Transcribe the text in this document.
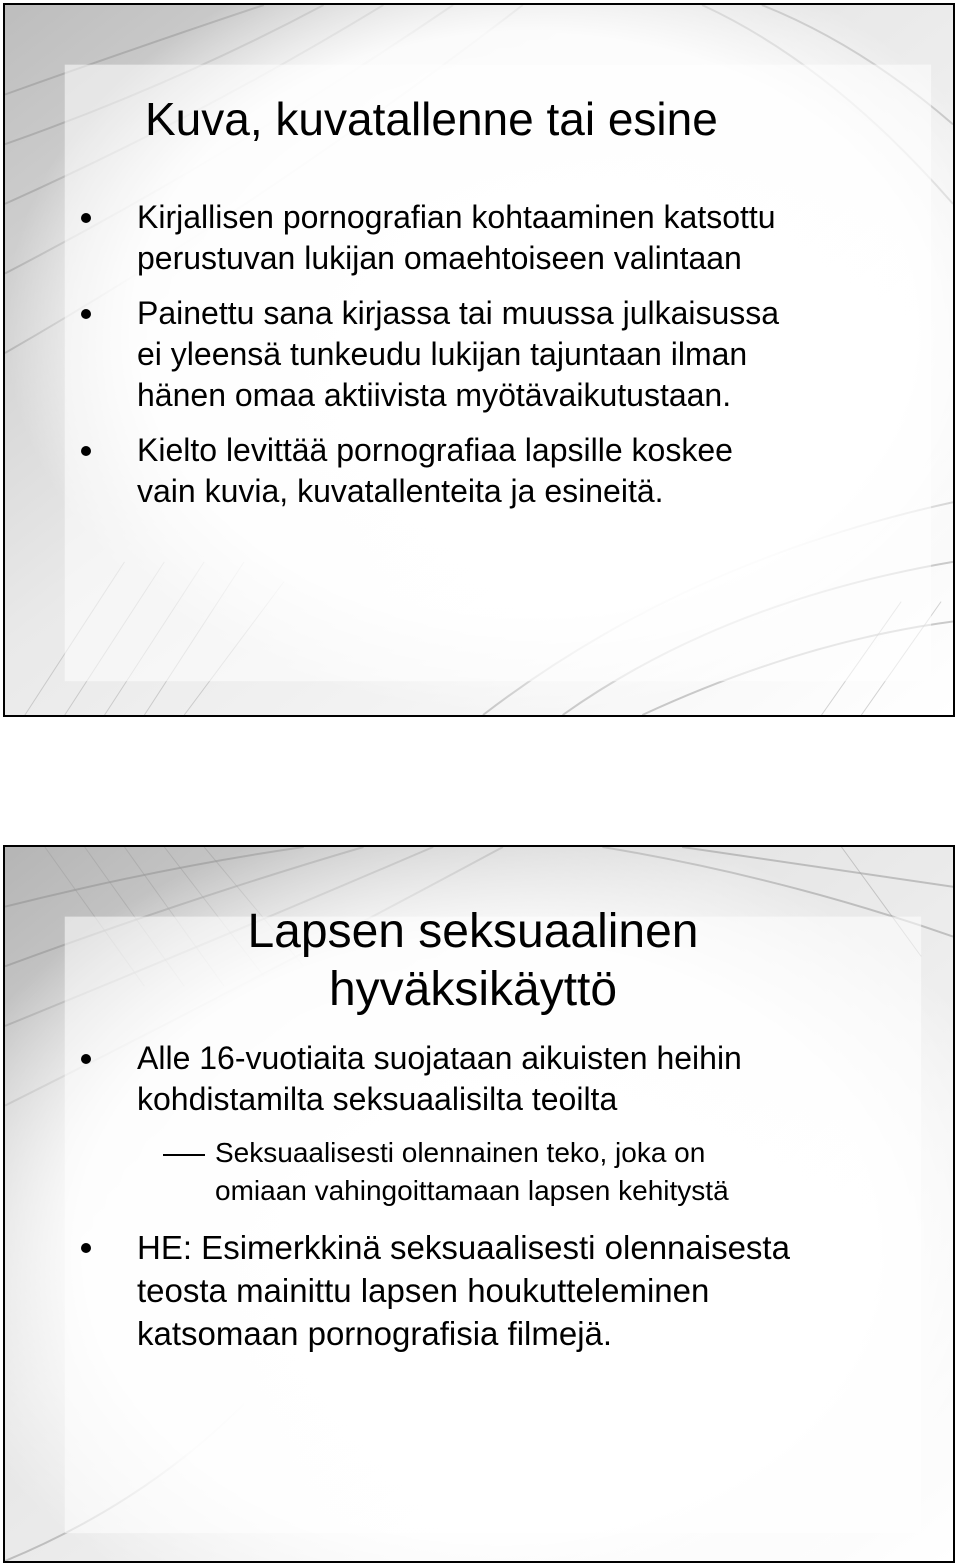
Kuva, kuvatallenne tai esine
Kirjallisen pornografian kohtaaminen katsottu
perustuvan lukijan omaehtoiseen valintaan
Painettu sana kirjassa tai muussa julkaisussa
ei yleensä tunkeudu lukijan tajuntaan ilman
hänen omaa aktiivista myötävaikutustaan.
Kielto levittää pornografiaa lapsille koskee
vain kuvia, kuvatallenteita ja esineitä.
Lapsen seksuaalinen
hyväksikäyttö
Alle 16-vuotiaita suojataan aikuisten heihin
kohdistamilta seksuaalisilta teoilta
Seksuaalisesti olennainen teko, joka on
omiaan vahingoittamaan lapsen kehitystä
HE: Esimerkkinä seksuaalisesti olennaisesta
teosta mainittu lapsen houkutteleminen
katsomaan pornografisia filmejä.
